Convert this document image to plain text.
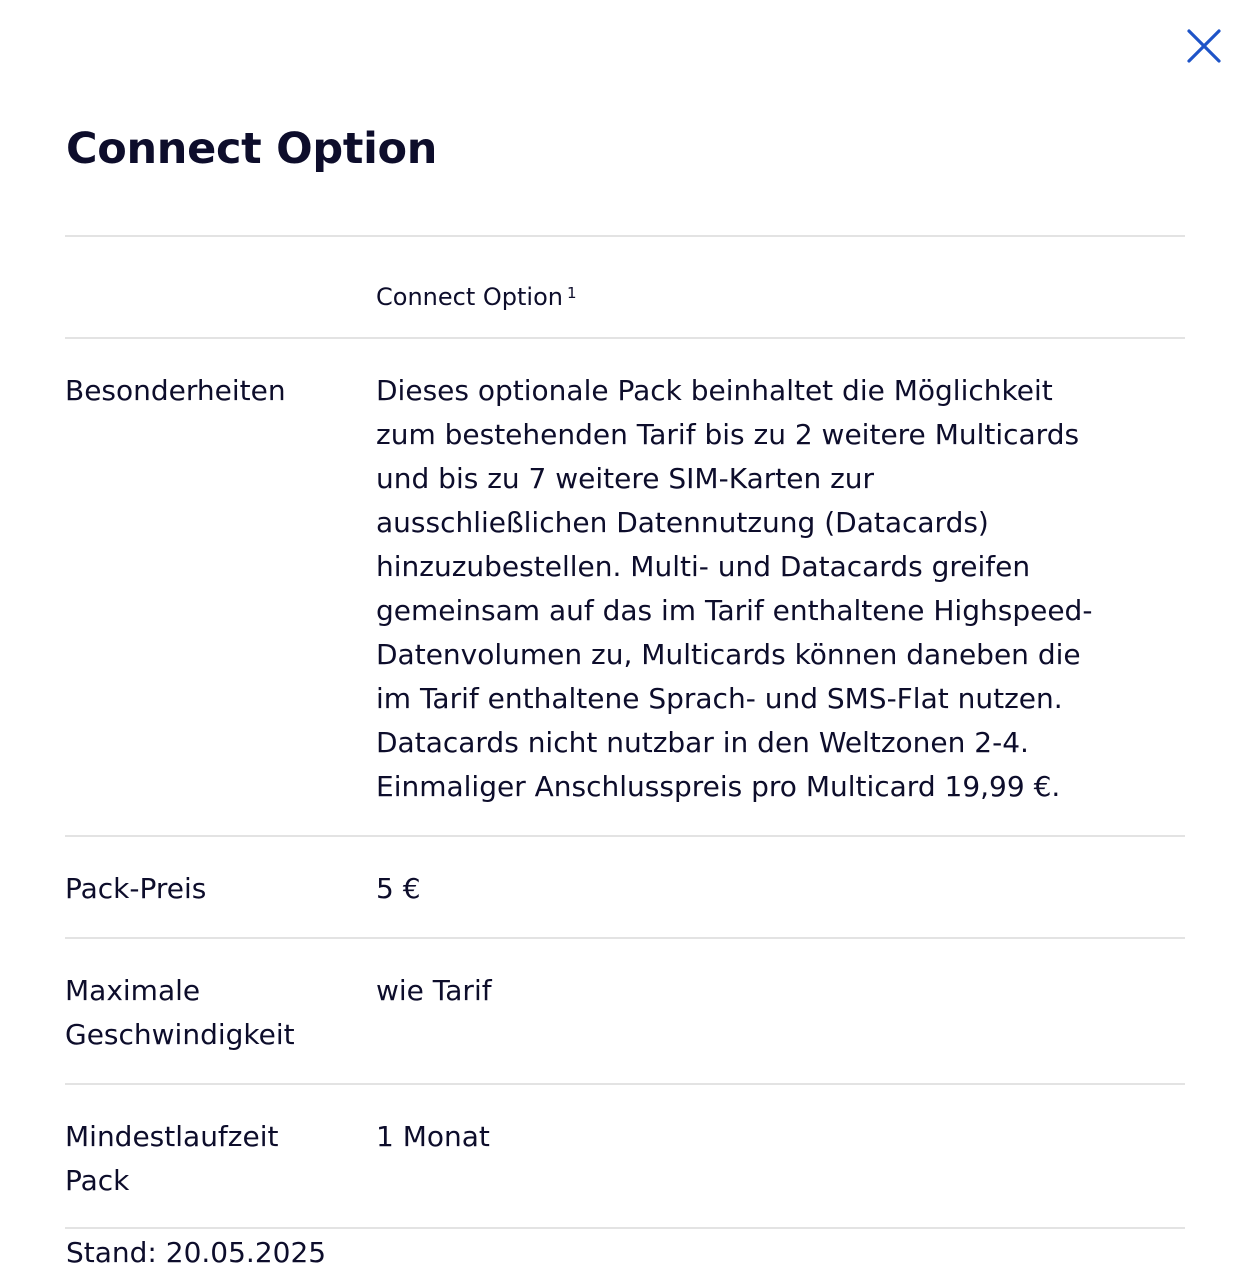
Connect Option
Connect Option $^1$
Besonderheiten	Dieses optionale Pack beinhaltet die Möglichkeit zum bestehenden Tarif bis zu 2 weitere Multicards und bis zu 7 weitere SIM-Karten zur ausschließlichen Datennutzung (Datacards) hinzuzubestellen. Multi- und Datacards greifen gemeinsam auf das im Tarif enthaltene Highspeed-Datenvolumen zu, Multicards können daneben die im Tarif enthaltene Sprach- und SMS-Flat nutzen. Datacards nicht nutzbar in den Weltzonen 2-4. Einmaliger Anschlusspreis pro Multicard 19,99 €.
Pack-Preis	5 €
Maximale Geschwindigkeit
wie Tarif
Mindestlaufzeit Pack
1 Monat
Stand: 20.05.2025
